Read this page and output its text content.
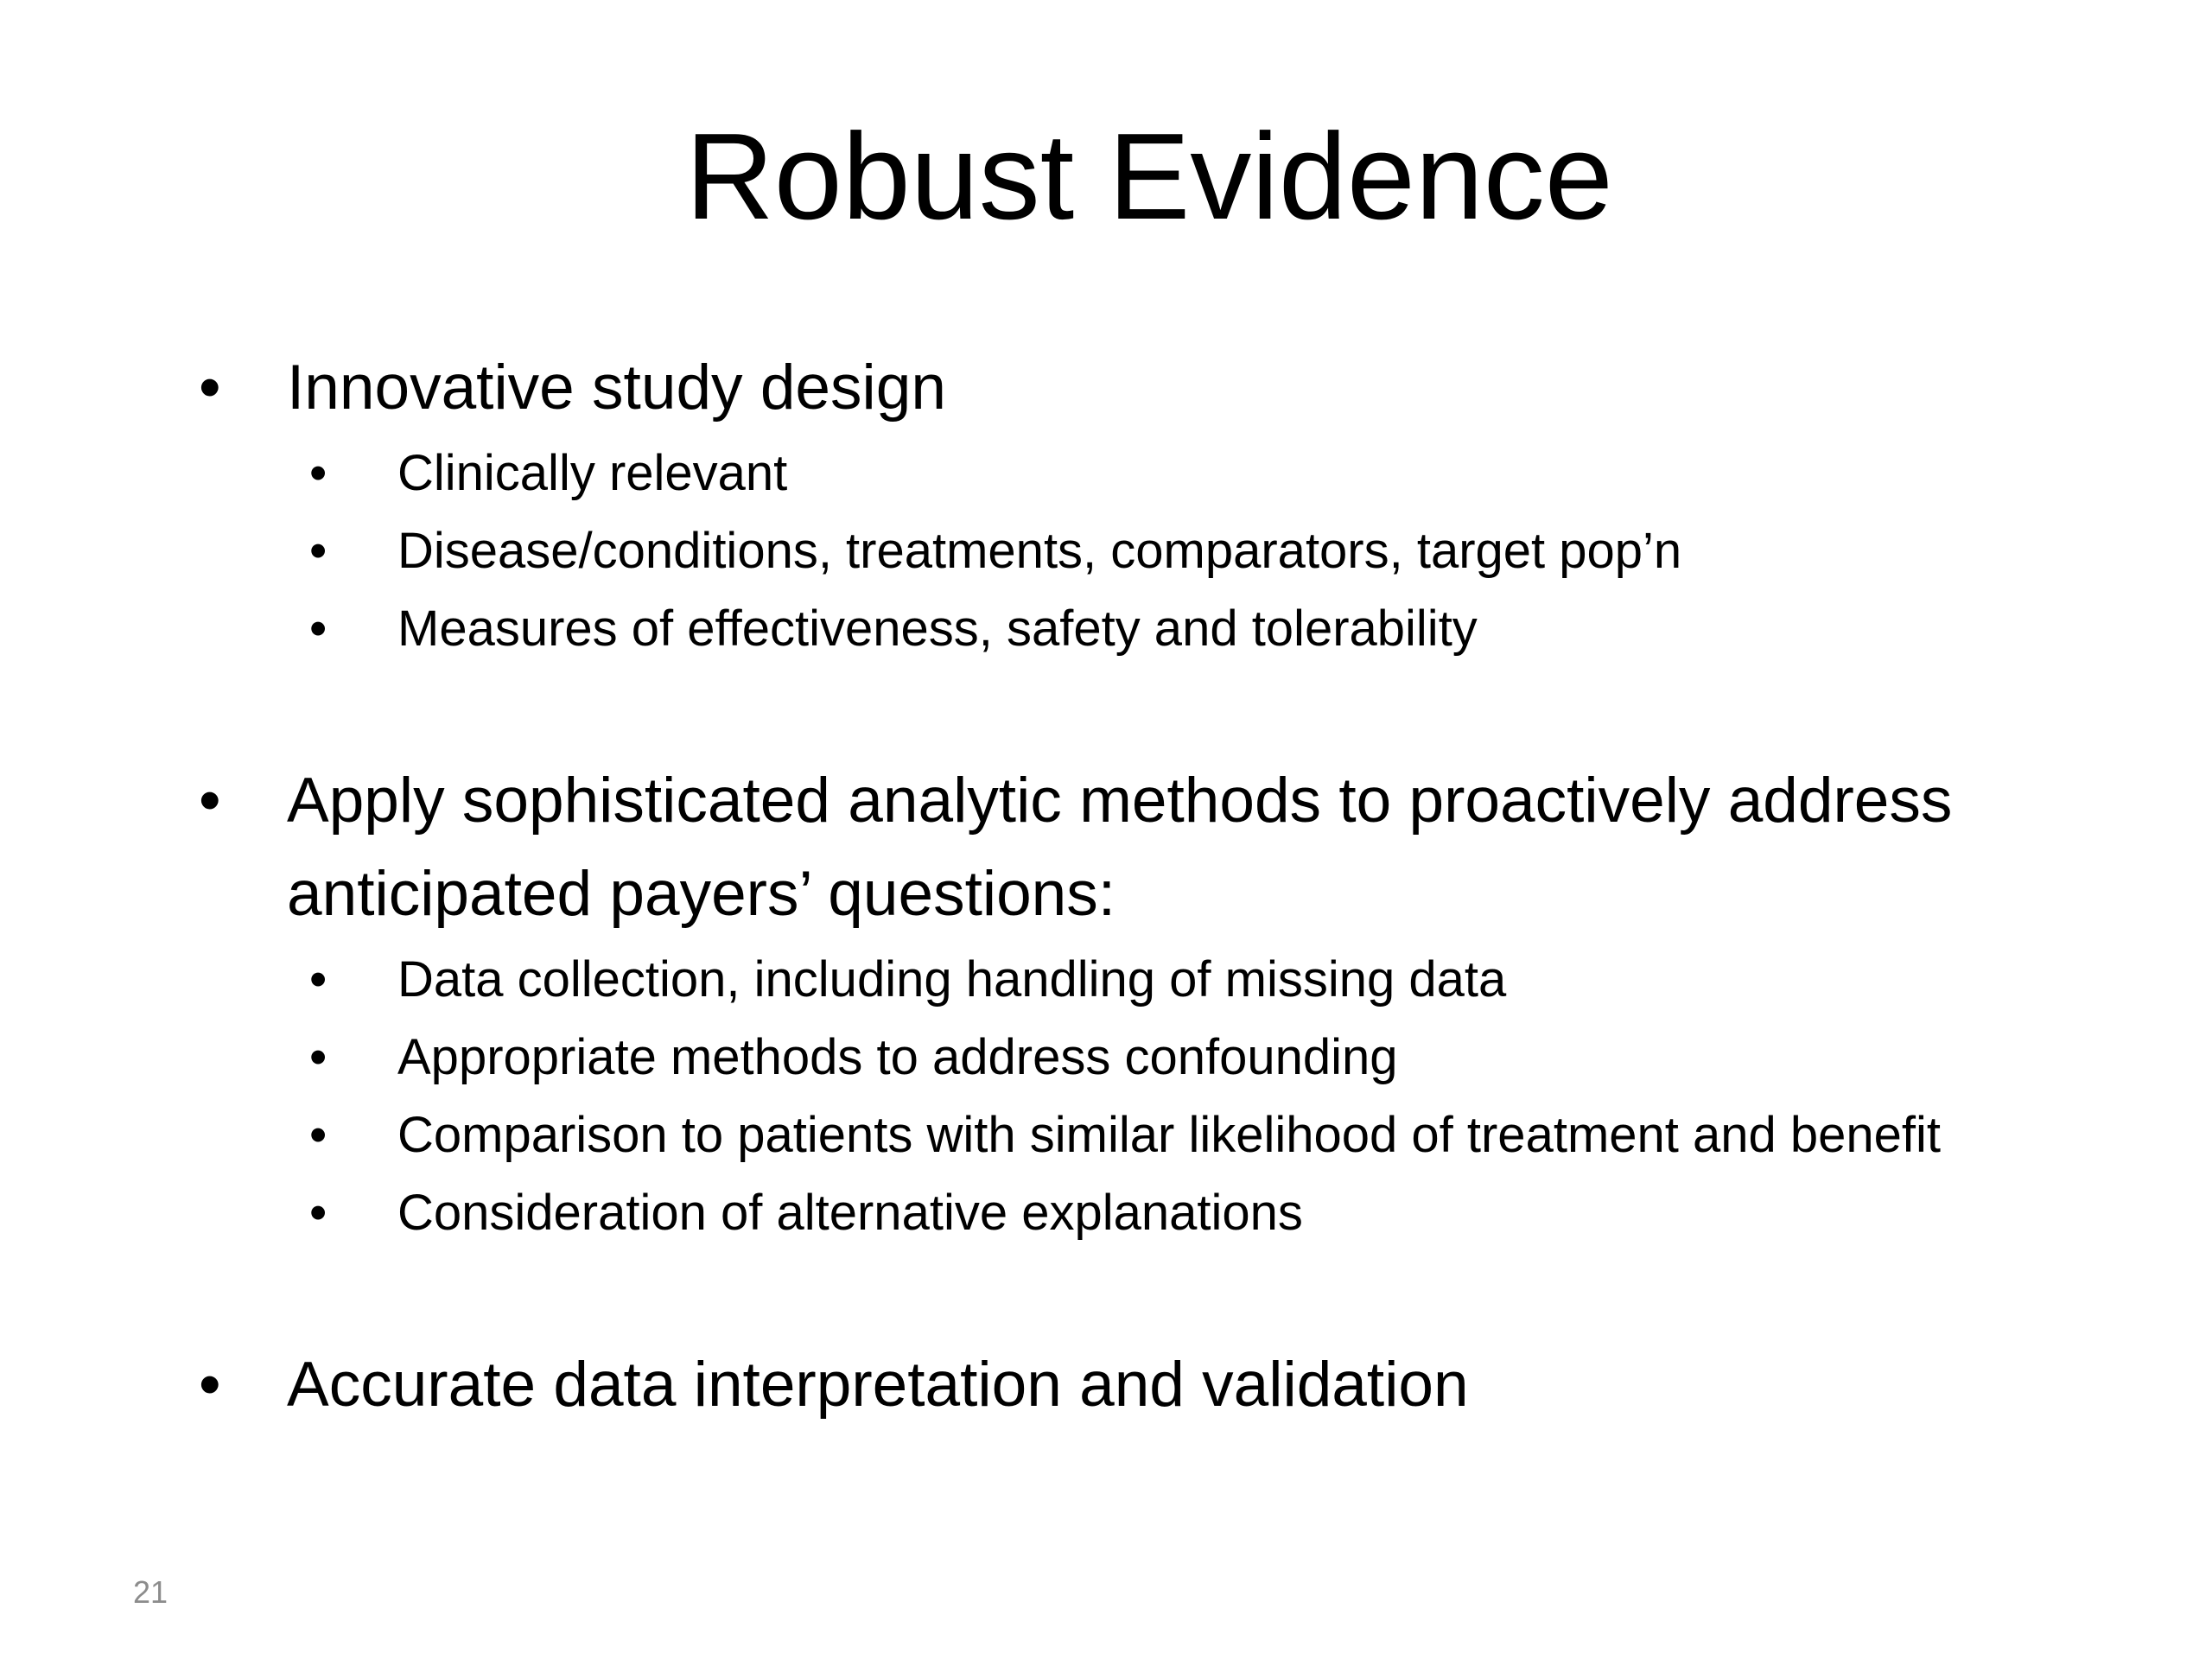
Robust Evidence
•	Innovative study design
•	Clinically relevant
•	Disease/conditions, treatments, comparators, target pop’n
•	Measures of effectiveness, safety and tolerability
•	Apply sophisticated analytic methods to proactively address anticipated payers’ questions:
•	Data collection, including handling of missing data
•	Appropriate methods to address confounding
•	Comparison to patients with similar likelihood of treatment and benefit
•	Consideration of alternative explanations
•	Accurate data interpretation and validation
21
